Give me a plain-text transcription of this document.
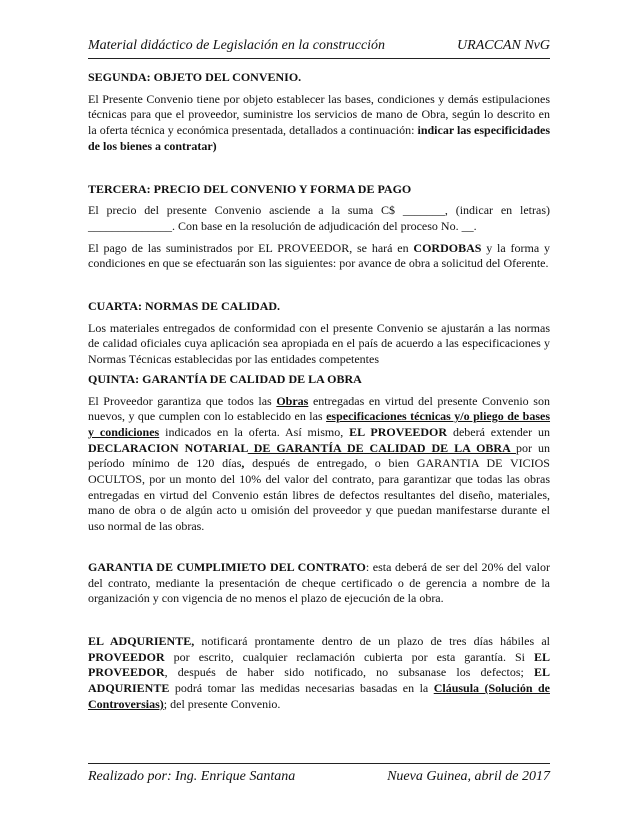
Material didáctico de Legislación en la construcción	URACCAN NvG

SEGUNDA: OBJETO DEL CONVENIO.

El Presente Convenio tiene por objeto establecer las bases, condiciones y demás estipulaciones técnicas para que el proveedor, suministre los servicios de mano de Obra, según lo descrito en la oferta técnica y económica presentada, detallados a continuación: indicar las especificidades de los bienes a contratar)

TERCERA: PRECIO DEL CONVENIO Y FORMA DE PAGO

El precio del presente Convenio asciende a la suma C$ _______, (indicar en letras) ______________. Con base en la resolución de adjudicación del proceso No. __.

El pago de las suministrados por EL PROVEEDOR, se hará en CORDOBAS y la forma y condiciones en que se efectuarán son las siguientes: por avance de obra a solicitud del Oferente.

CUARTA: NORMAS DE CALIDAD.

Los materiales entregados de conformidad con el presente Convenio se ajustarán a las normas de calidad oficiales cuya aplicación sea apropiada en el país de acuerdo a las especificaciones y Normas Técnicas establecidas por las entidades competentes

QUINTA: GARANTÍA DE CALIDAD DE LA OBRA

El Proveedor garantiza que todos las Obras entregadas en virtud del presente Convenio son nuevos, y que cumplen con lo establecido en las especificaciones técnicas y/o pliego de bases y condiciones indicados en la oferta. Así mismo, EL PROVEEDOR deberá extender un DECLARACION NOTARIAL DE GARANTÍA DE CALIDAD DE LA OBRA por un período mínimo de 120 días, después de entregado, o bien GARANTIA DE VICIOS OCULTOS, por un monto del 10% del valor del contrato, para garantizar que todas las obras entregadas en virtud del Convenio están libres de defectos resultantes del diseño, materiales, mano de obra o de algún acto u omisión del proveedor y que puedan manifestarse durante el uso normal de las obras.

GARANTIA DE CUMPLIMIETO DEL CONTRATO: esta deberá de ser del 20% del valor del contrato, mediante la presentación de cheque certificado o de gerencia a nombre de la organización y con vigencia de no menos el plazo de ejecución de la obra.

EL ADQURIENTE, notificará prontamente dentro de un plazo de tres días hábiles al PROVEEDOR por escrito, cualquier reclamación cubierta por esta garantía. Si EL PROVEEDOR, después de haber sido notificado, no subsanase los defectos; EL ADQURIENTE podrá tomar las medidas necesarias basadas en la Cláusula (Solución de Controversias); del presente Convenio.

Realizado por: Ing. Enrique Santana	Nueva Guinea, abril de 2017
